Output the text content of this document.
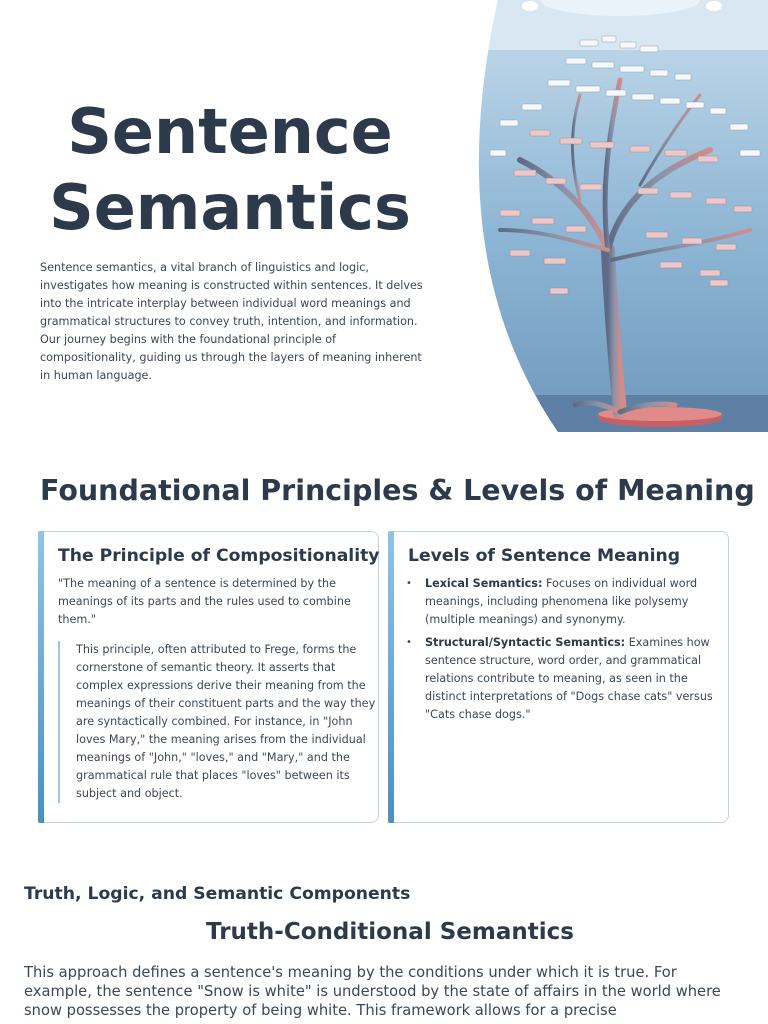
Sentence
Semantics

Sentence semantics, a vital branch of linguistics and logic, investigates how meaning is constructed within sentences. It delves into the intricate interplay between individual word meanings and grammatical structures to convey truth, intention, and information. Our journey begins with the foundational principle of compositionality, guiding us through the layers of meaning inherent in human language.

Foundational Principles & Levels of Meaning
The Principle of Compositionality

"The meaning of a sentence is determined by the meanings of its parts and the rules used to combine them."

This principle, often attributed to Frege, forms the cornerstone of semantic theory. It asserts that complex expressions derive their meaning from the meanings of their constituent parts and the way they are syntactically combined. For instance, in "John loves Mary," the meaning arises from the individual meanings of "John," "loves," and "Mary," and the grammatical rule that places "loves" between its subject and object.
Levels of Sentence Meaning
• Lexical Semantics: Focuses on individual word meanings, including phenomena like polysemy (multiple meanings) and synonymy.
• Structural/Syntactic Semantics: Examines how sentence structure, word order, and grammatical relations contribute to meaning, as seen in the distinct interpretations of "Dogs chase cats" versus "Cats chase dogs."
Truth, Logic, and Semantic Components
Truth-Conditional Semantics

This approach defines a sentence's meaning by the conditions under which it is true. For example, the sentence "Snow is white" is understood by the state of affairs in the world where snow possesses the property of being white. This framework allows for a precise
